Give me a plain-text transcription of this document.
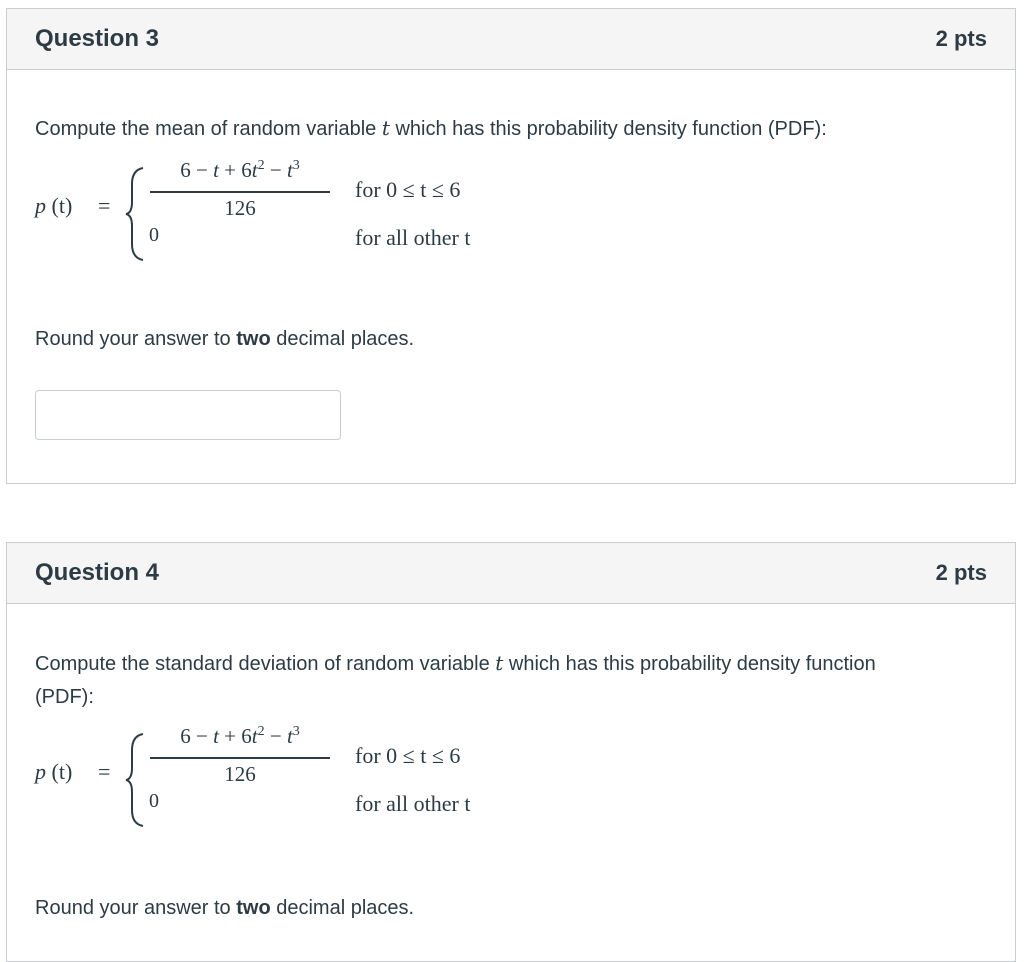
Question 3	2 pts
Compute the mean of random variable t which has this probability density function (PDF):
p (t) =
$6 - t + 6t^2 - t^3$
126
0
for 0 ≤ t ≤ 6
for all other t
Round your answer to two decimal places.
Question 4	2 pts
Compute the standard deviation of random variable t which has this probability density function
(PDF):
p (t) =
$6 - t + 6t^2 - t^3$
126
0
for 0 ≤ t ≤ 6
for all other t
Round your answer to two decimal places.
